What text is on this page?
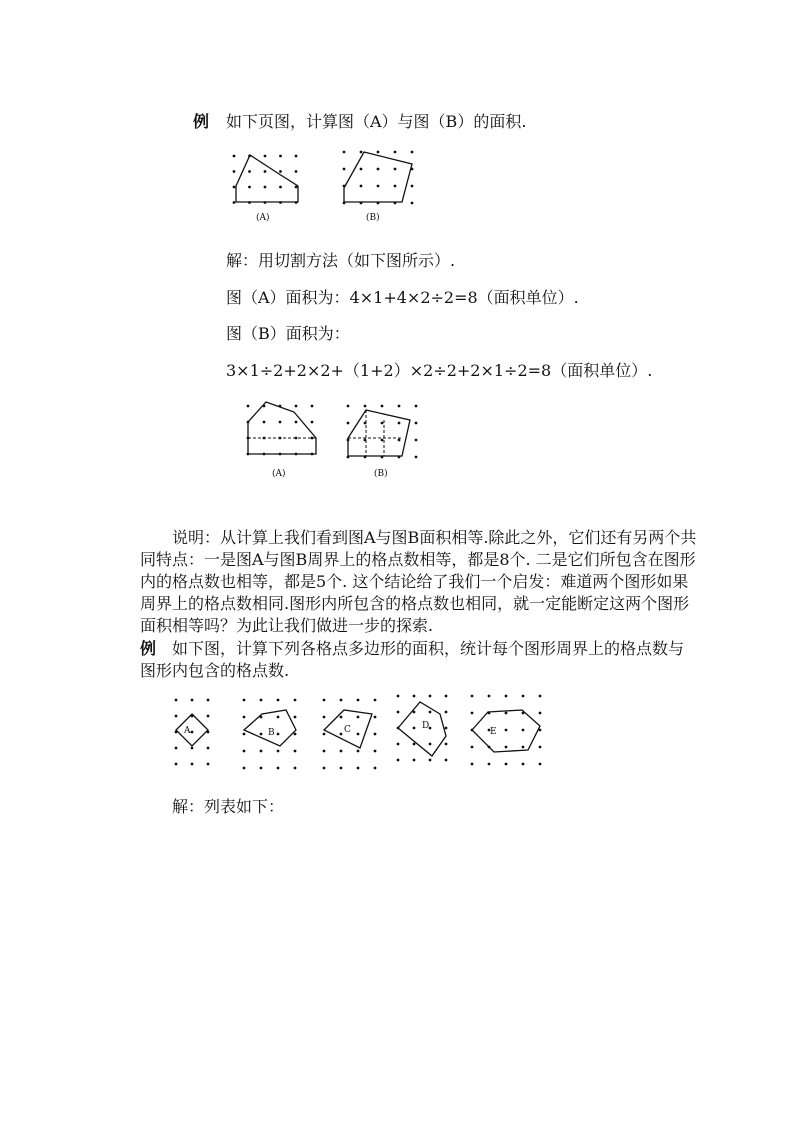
例 如下页图，计算图（A）与图（B）的面积.
(A)	(B)
解：用切割方法（如下图所示）.
图（A）面积为：4×1+4×2÷2=8（面积单位）.
图（B）面积为：
3×1÷2+2×2+（1+2）×2÷2+2×1÷2=8（面积单位）.
(A)	(B)
说明：从计算上我们看到图A与图B面积相等.除此之外，它们还有另两个共同特点：一是图A与图B周界上的格点数相等，都是8个. 二是它们所包含在图形内的格点数也相等，都是5个. 这个结论给了我们一个启发：难道两个图形如果周界上的格点数相同.图形内所包含的格点数也相同，就一定能断定这两个图形面积相等吗？为此让我们做进一步的探索.
例 如下图，计算下列各格点多边形的面积，统计每个图形周界上的格点数与
图形内包含的格点数.
A	B	C	D
E
解：列表如下：
